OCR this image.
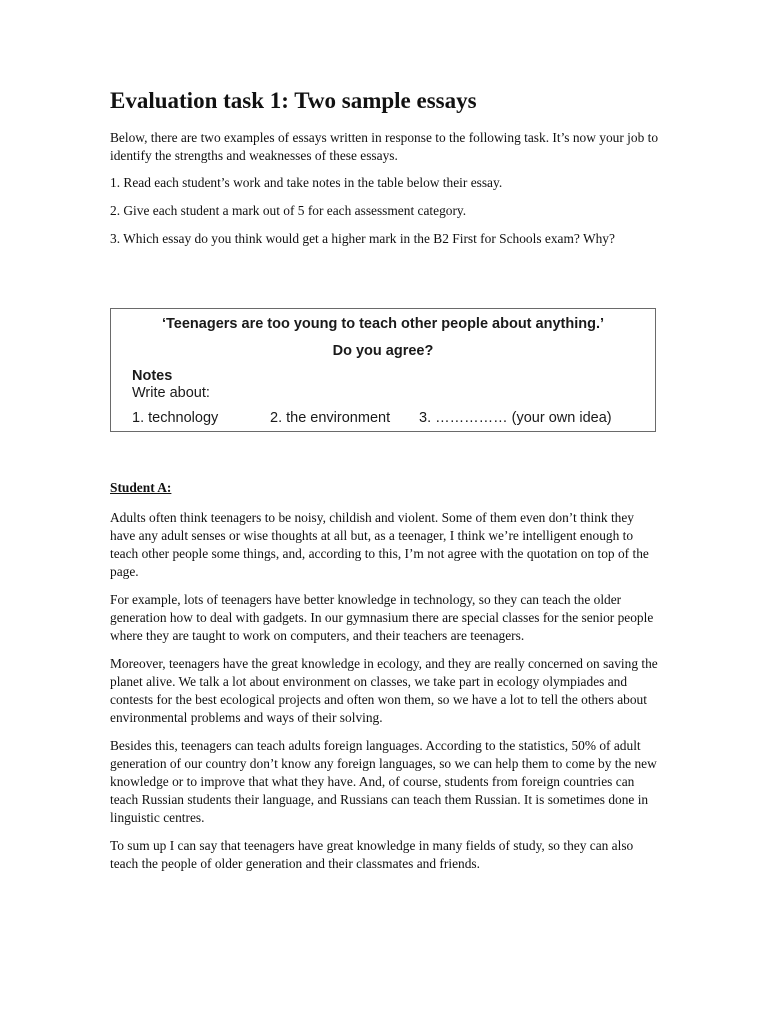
Evaluation task 1: Two sample essays

Below, there are two examples of essays written in response to the following task. It’s now your job to identify the strengths and weaknesses of these essays.

1. Read each student’s work and take notes in the table below their essay.

2. Give each student a mark out of 5 for each assessment category.

3. Which essay do you think would get a higher mark in the B2 First for Schools exam? Why?

‘Teenagers are too young to teach other people about anything.’
Do you agree?
Notes
Write about:
1. technology	2. the environment 3. …………… (your own idea)
Student A:

Adults often think teenagers to be noisy, childish and violent. Some of them even don’t think they have any adult senses or wise thoughts at all but, as a teenager, I think we’re intelligent enough to teach other people some things, and, according to this, I’m not agree with the quotation on top of the page.

For example, lots of teenagers have better knowledge in technology, so they can teach the older generation how to deal with gadgets. In our gymnasium there are special classes for the senior people where they are taught to work on computers, and their teachers are teenagers.

Moreover, teenagers have the great knowledge in ecology, and they are really concerned on saving the planet alive. We talk a lot about environment on classes, we take part in ecology olympiades and contests for the best ecological projects and often won them, so we have a lot to tell the others about environmental problems and ways of their solving.

Besides this, teenagers can teach adults foreign languages. According to the statistics, 50% of adult generation of our country don’t know any foreign languages, so we can help them to come by the new knowledge or to improve that what they have. And, of course, students from foreign countries can teach Russian students their language, and Russians can teach them Russian. It is sometimes done in linguistic centres.

To sum up I can say that teenagers have great knowledge in many fields of study, so they can also teach the people of older generation and their classmates and friends.
